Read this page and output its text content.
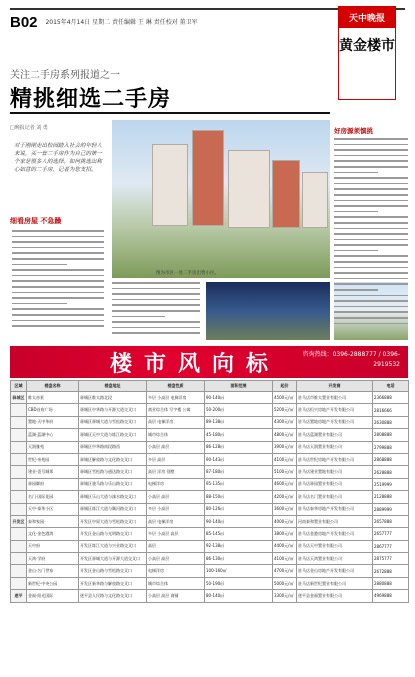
B02 2015年4月14日 星期二 责任编辑 王 琳 责任校对 董卫军	天中晚报
黄金楼市
关注二手房系列报道之一
精挑细选二手房
□晚报记者 刘 勇
对于刚刚走出校园踏入社会的年轻人来说，买一套二手房作为自己的第一个家是很多人的选择。如何挑选出称心如意的二手房，记者为您支招。
图为市区一处二手房出售小区。
细看房屋 不急躁
好房源须慎挑
楼市风向标	咨询热线：0396-2888777 / 0396-2919532
区域	楼盘名称	楼盘地址	楼盘性质	面积范围	起价	开发商	电话
驿城区	维太帝景	驿城区维太路北段	多层 小高层 电梯洋房	90-140㎡	4500元/㎡	驻马店市维太置业有限公司	2366888
	CBD首府广场	驿城区中华路与开源大道交叉口	商业综合体 写字楼 公寓	50-200㎡	5200元/㎡	驻马店恒兴房地产开发有限公司	2816666
	置地·天中华府	驿城区驿城大道与雪松路交叉口	高层 电梯洋房	89-138㎡	4300元/㎡	驻马店置地房地产开发有限公司	2630888
	蓝湖·蓝湖中心	驿城区天中大道与练江路交叉口	城市综合体	45-180㎡	4800元/㎡	驻马店蓝湖置业有限公司	2808888
	天润雅苑	驿城区中华路南段路西	小高层 高层	86-128㎡	3900元/㎡	驻马店天润置业有限公司	2799888
	世纪·帝苑园	驿城区解放路与文化路交叉口	多层 高层	90-143㎡	4100元/㎡	驻马店世纪房地产开发有限公司	2868888
	建业·壹号城邦	驿城区雪松路与通达路交叉口	高层 洋房 别墅	87-180㎡	5100元/㎡	驻马店建业置地有限公司	2628888
	驿园御府	驿城区骏马路与乐山路交叉口	电梯洋房	95-135㎡	4600元/㎡	驻马店驿园置业有限公司	2519999
	名门·国际花园	驿城区乐山大道与溱水路交叉口	小高层 高层	88-150㎡	4200元/㎡	驻马店名门置业有限公司	2128888
	天中·泰华小区	驿城区练江大道与顺河路交叉口	多层 小高层	80-126㎡	3600元/㎡	驻马店泰华房地产开发有限公司	2889999
开发区	泰和家园	开发区中原大道与雪松路交叉口	高层 电梯洋房	90-140㎡	4000元/㎡	河南泰和置业有限公司	2657888
	文化·金色港湾	开发区金山路与光明路交叉口	多层 小高层 高层	85-145㎡	3800元/㎡	驻马店金港房地产开发有限公司	2657777
	天中府	开发区练江大道与兴业路交叉口	高层	92-138㎡	4400元/㎡	驻马店天中置业有限公司	2867777
	天鸿·学府	开发区驿城大道与开源大道交叉口	小高层 高层	86-130㎡	4100元/㎡	驻马店天鸿置业有限公司	2875777
	金山·名门世家	开发区金山路与雪松路交叉口	电梯洋房	100-160㎡	4700元/㎡	驻马店金山房地产开发有限公司	2672888
	新世纪·中央公园	开发区新华路与解放路交叉口	城市综合体	50-190㎡	5000元/㎡	驻马店新世纪置业有限公司	2880888
遂平	金福·阳光国际	遂平县人民路与文化路交叉口	小高层 高层 商铺	80-140㎡	3300元/㎡	遂平县金福置业有限公司	4969888
